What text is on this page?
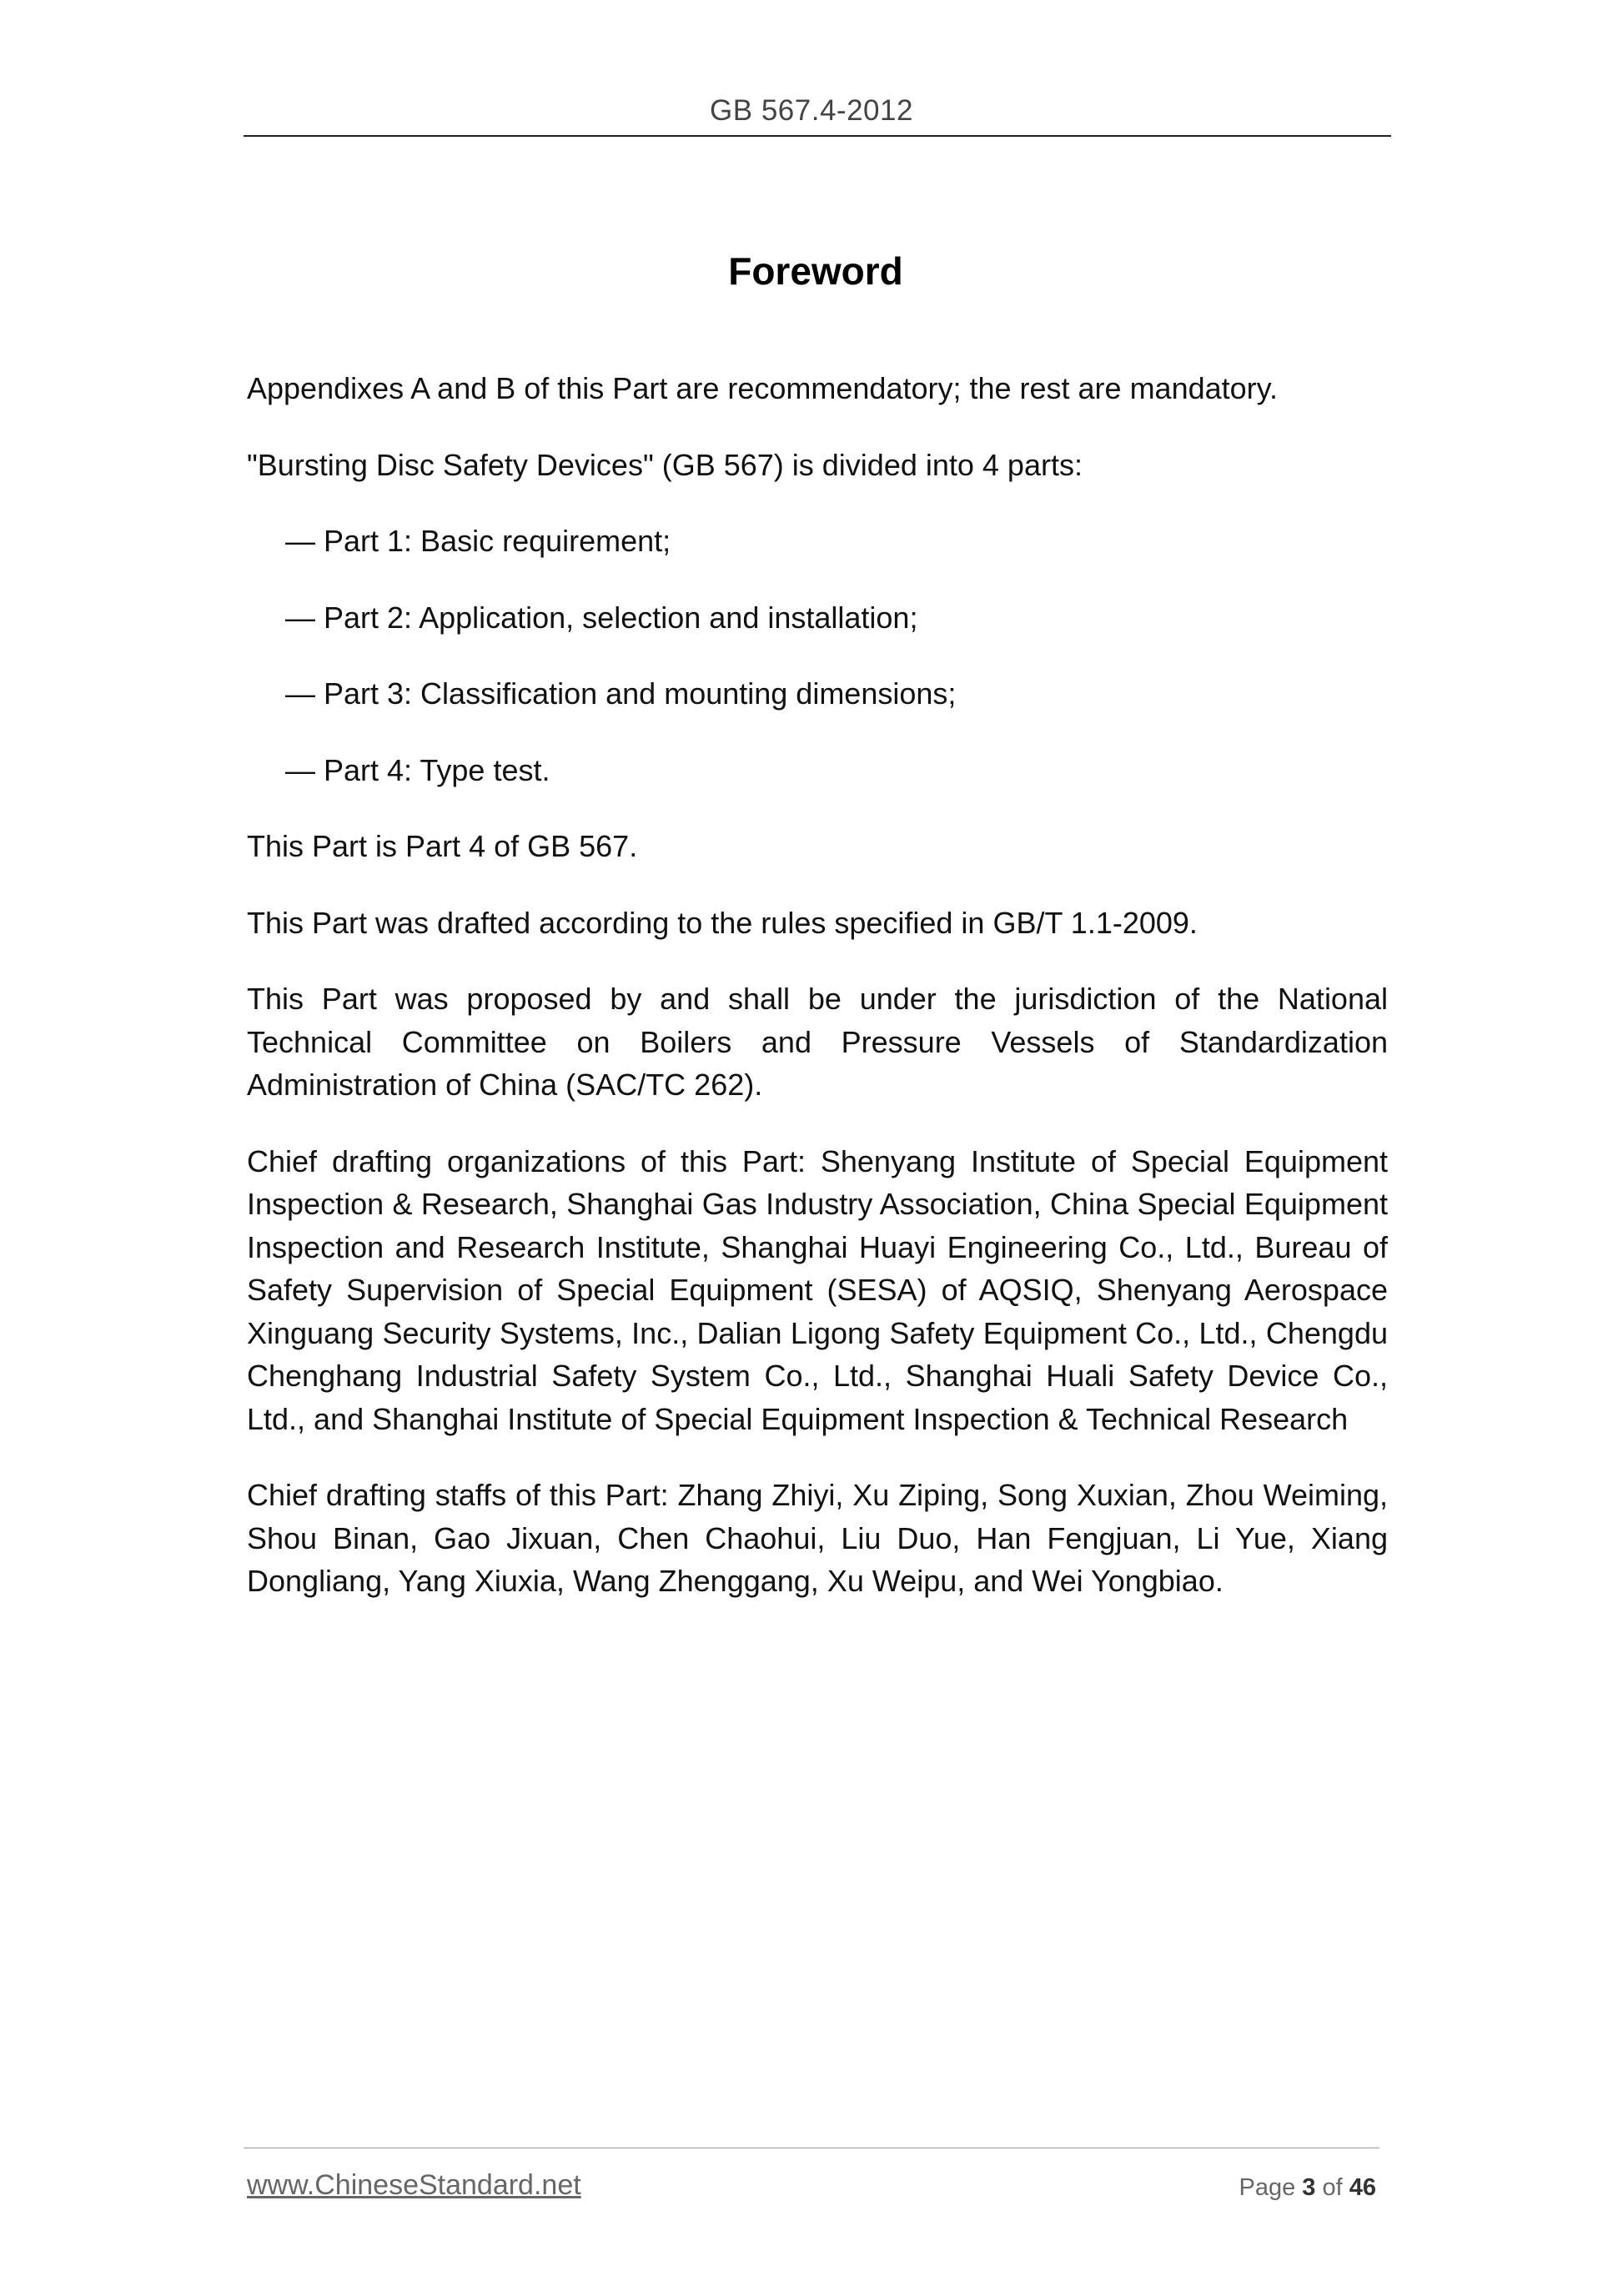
GB 567.4-2012
Foreword

Appendixes A and B of this Part are recommendatory; the rest are mandatory.

"Bursting Disc Safety Devices" (GB 567) is divided into 4 parts:

— Part 1: Basic requirement;

— Part 2: Application, selection and installation;

— Part 3: Classification and mounting dimensions;

— Part 4: Type test.

This Part is Part 4 of GB 567.

This Part was drafted according to the rules specified in GB/T 1.1-2009.

This Part was proposed by and shall be under the jurisdiction of the National Technical Committee on Boilers and Pressure Vessels of Standardization Administration of China (SAC/TC 262).

Chief drafting organizations of this Part: Shenyang Institute of Special Equipment Inspection & Research, Shanghai Gas Industry Association, China Special Equipment Inspection and Research Institute, Shanghai Huayi Engineering Co., Ltd., Bureau of Safety Supervision of Special Equipment (SESA) of AQSIQ, Shenyang Aerospace Xinguang Security Systems, Inc., Dalian Ligong Safety Equipment Co., Ltd., Chengdu Chenghang Industrial Safety System Co., Ltd., Shanghai Huali Safety Device Co., Ltd., and Shanghai Institute of Special Equipment Inspection & Technical Research

Chief drafting staffs of this Part: Zhang Zhiyi, Xu Ziping, Song Xuxian, Zhou Weiming, Shou Binan, Gao Jixuan, Chen Chaohui, Liu Duo, Han Fengjuan, Li Yue, Xiang Dongliang, Yang Xiuxia, Wang Zhenggang, Xu Weipu, and Wei Yongbiao.

www.ChineseStandard.net	Page 3 of 46
